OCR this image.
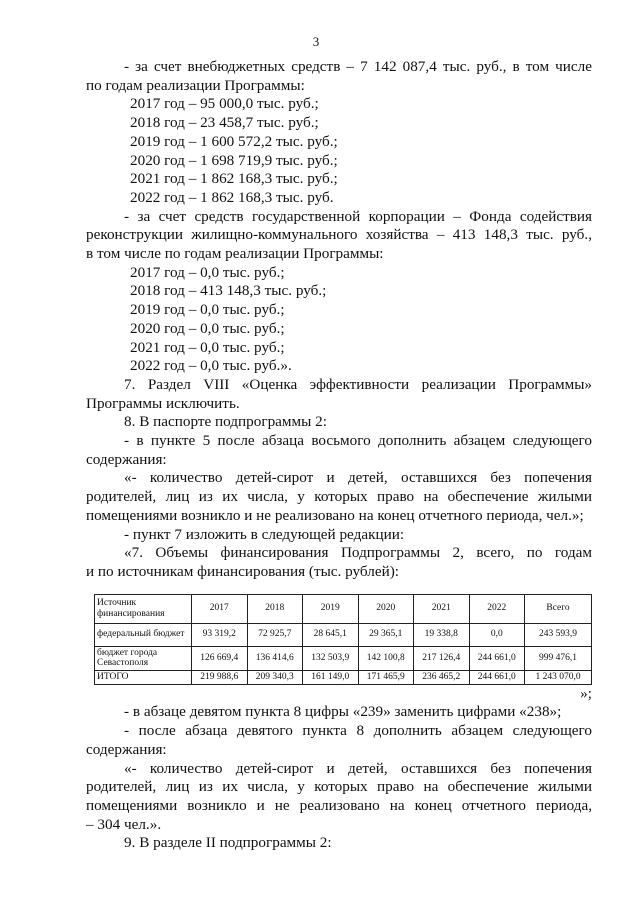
3

- за счет внебюджетных средств – 7 142 087,4 тыс. руб., в том числе

по годам реализации Программы:

2017 год – 95 000,0 тыс. руб.;

2018 год – 23 458,7 тыс. руб.;

2019 год – 1 600 572,2 тыс. руб.;

2020 год – 1 698 719,9 тыс. руб.;

2021 год – 1 862 168,3 тыс. руб.;

2022 год – 1 862 168,3 тыс. руб.

- за счет средств государственной корпорации – Фонда содействия

реконструкции жилищно-коммунального хозяйства – 413 148,3 тыс. руб.,

в том числе по годам реализации Программы:

2017 год – 0,0 тыс. руб.;

2018 год – 413 148,3 тыс. руб.;

2019 год – 0,0 тыс. руб.;

2020 год – 0,0 тыс. руб.;

2021 год – 0,0 тыс. руб.;

2022 год – 0,0 тыс. руб.».

7. Раздел VIII «Оценка эффективности реализации Программы»

Программы исключить.

8. В паспорте подпрограммы 2:

- в пункте 5 после абзаца восьмого дополнить абзацем следующего

содержания:

«- количество детей-сирот и детей, оставшихся без попечения

родителей, лиц из их числа, у которых право на обеспечение жилыми

помещениями возникло и не реализовано на конец отчетного периода, чел.»;

- пункт 7 изложить в следующей редакции:

«7. Объемы финансирования Подпрограммы 2, всего, по годам

и по источникам финансирования (тыс. рублей):

Источник финансирования	2017	2018	2019	2020	2021	2022	Всего
федеральный бюджет	93 319,2	72 925,7	28 645,1	29 365,1	19 338,8	0,0	243 593,9
бюджет города Севастополя	126 669,4	136 414,6	132 503,9	142 100,8	217 126,4	244 661,0	999 476,1
ИТОГО	219 988,6	209 340,3	161 149,0	171 465,9	236 465,2	244 661,0	1 243 070,0

»;

- в абзаце девятом пункта 8 цифры «239» заменить цифрами «238»;

- после абзаца девятого пункта 8 дополнить абзацем следующего

содержания:

«- количество детей-сирот и детей, оставшихся без попечения

родителей, лиц из их числа, у которых право на обеспечение жилыми

помещениями возникло и не реализовано на конец отчетного периода,

– 304 чел.».

9. В разделе II подпрограммы 2:
